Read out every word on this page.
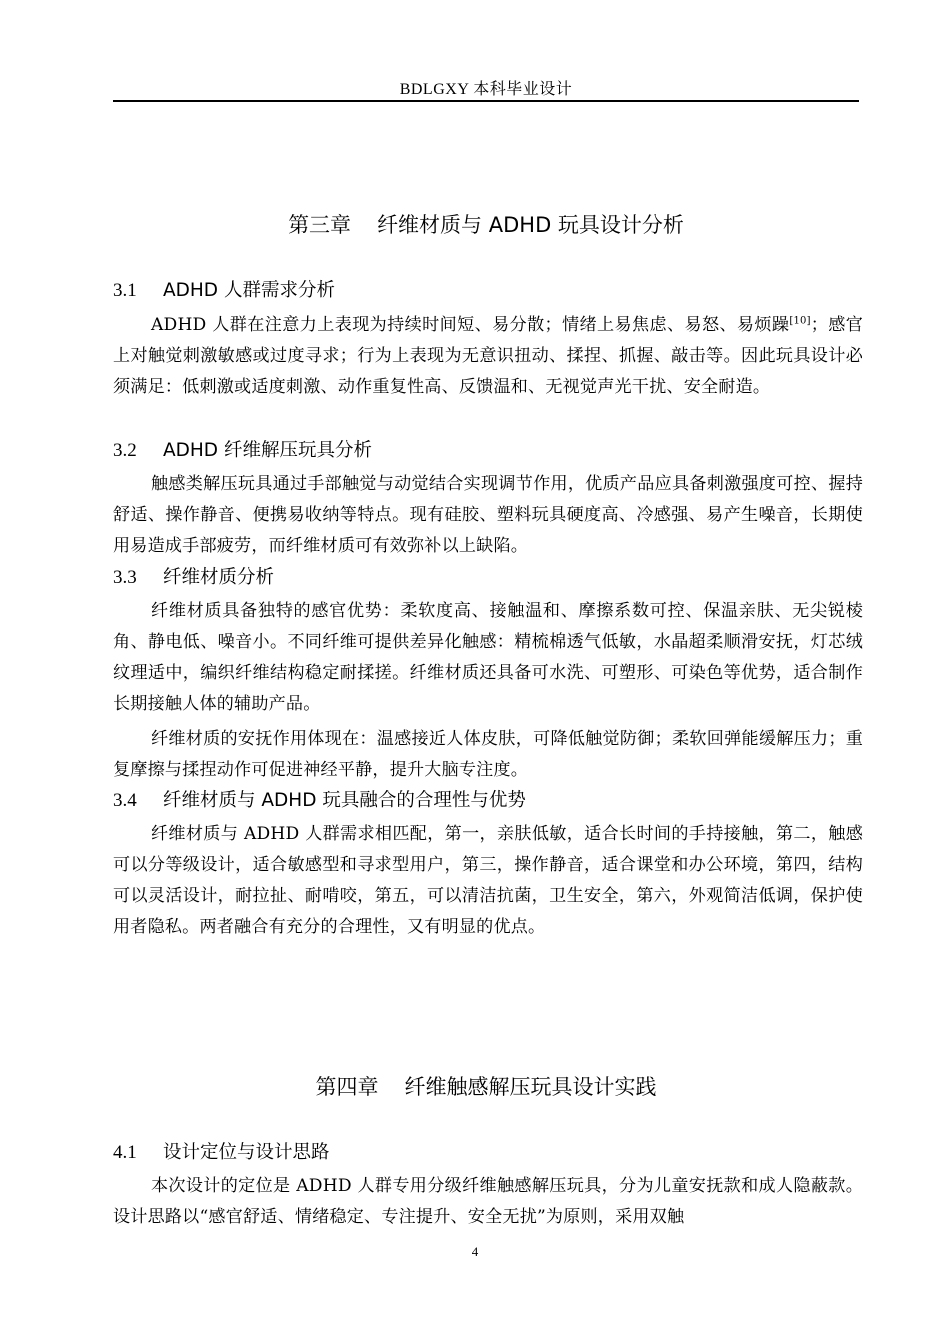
BDLGXY 本科毕业设计
第三章 纤维材质与 ADHD 玩具设计分析
3.1 ADHD 人群需求分析

ADHD 人群在注意力上表现为持续时间短、易分散；情绪上易焦虑、易怒、易烦躁[10]；感官上对触觉刺激敏感或过度寻求；行为上表现为无意识扭动、揉捏、抓握、敲击等。因此玩具设计必须满足：低刺激或适度刺激、动作重复性高、反馈温和、无视觉声光干扰、安全耐造。

3.2 ADHD 纤维解压玩具分析

触感类解压玩具通过手部触觉与动觉结合实现调节作用，优质产品应具备刺激强度可控、握持舒适、操作静音、便携易收纳等特点。现有硅胶、塑料玩具硬度高、冷感强、易产生噪音，长期使用易造成手部疲劳，而纤维材质可有效弥补以上缺陷。

3.3 纤维材质分析

纤维材质具备独特的感官优势：柔软度高、接触温和、摩擦系数可控、保温亲肤、无尖锐棱角、静电低、噪音小。不同纤维可提供差异化触感：精梳棉透气低敏，水晶超柔顺滑安抚，灯芯绒纹理适中，编织纤维结构稳定耐揉搓。纤维材质还具备可水洗、可塑形、可染色等优势，适合制作长期接触人体的辅助产品。

纤维材质的安抚作用体现在：温感接近人体皮肤，可降低触觉防御；柔软回弹能缓解压力；重复摩擦与揉捏动作可促进神经平静，提升大脑专注度。

3.4 纤维材质与 ADHD 玩具融合的合理性与优势

纤维材质与 ADHD 人群需求相匹配，第一，亲肤低敏，适合长时间的手持接触，第二，触感可以分等级设计，适合敏感型和寻求型用户，第三，操作静音，适合课堂和办公环境，第四，结构可以灵活设计，耐拉扯、耐啃咬，第五，可以清洁抗菌，卫生安全，第六，外观简洁低调，保护使用者隐私。两者融合有充分的合理性，又有明显的优点。

第四章 纤维触感解压玩具设计实践
4.1 设计定位与设计思路

本次设计的定位是 ADHD 人群专用分级纤维触感解压玩具，分为儿童安抚款和成人隐蔽款。设计思路以“感官舒适、情绪稳定、专注提升、安全无扰”为原则，采用双触

4
